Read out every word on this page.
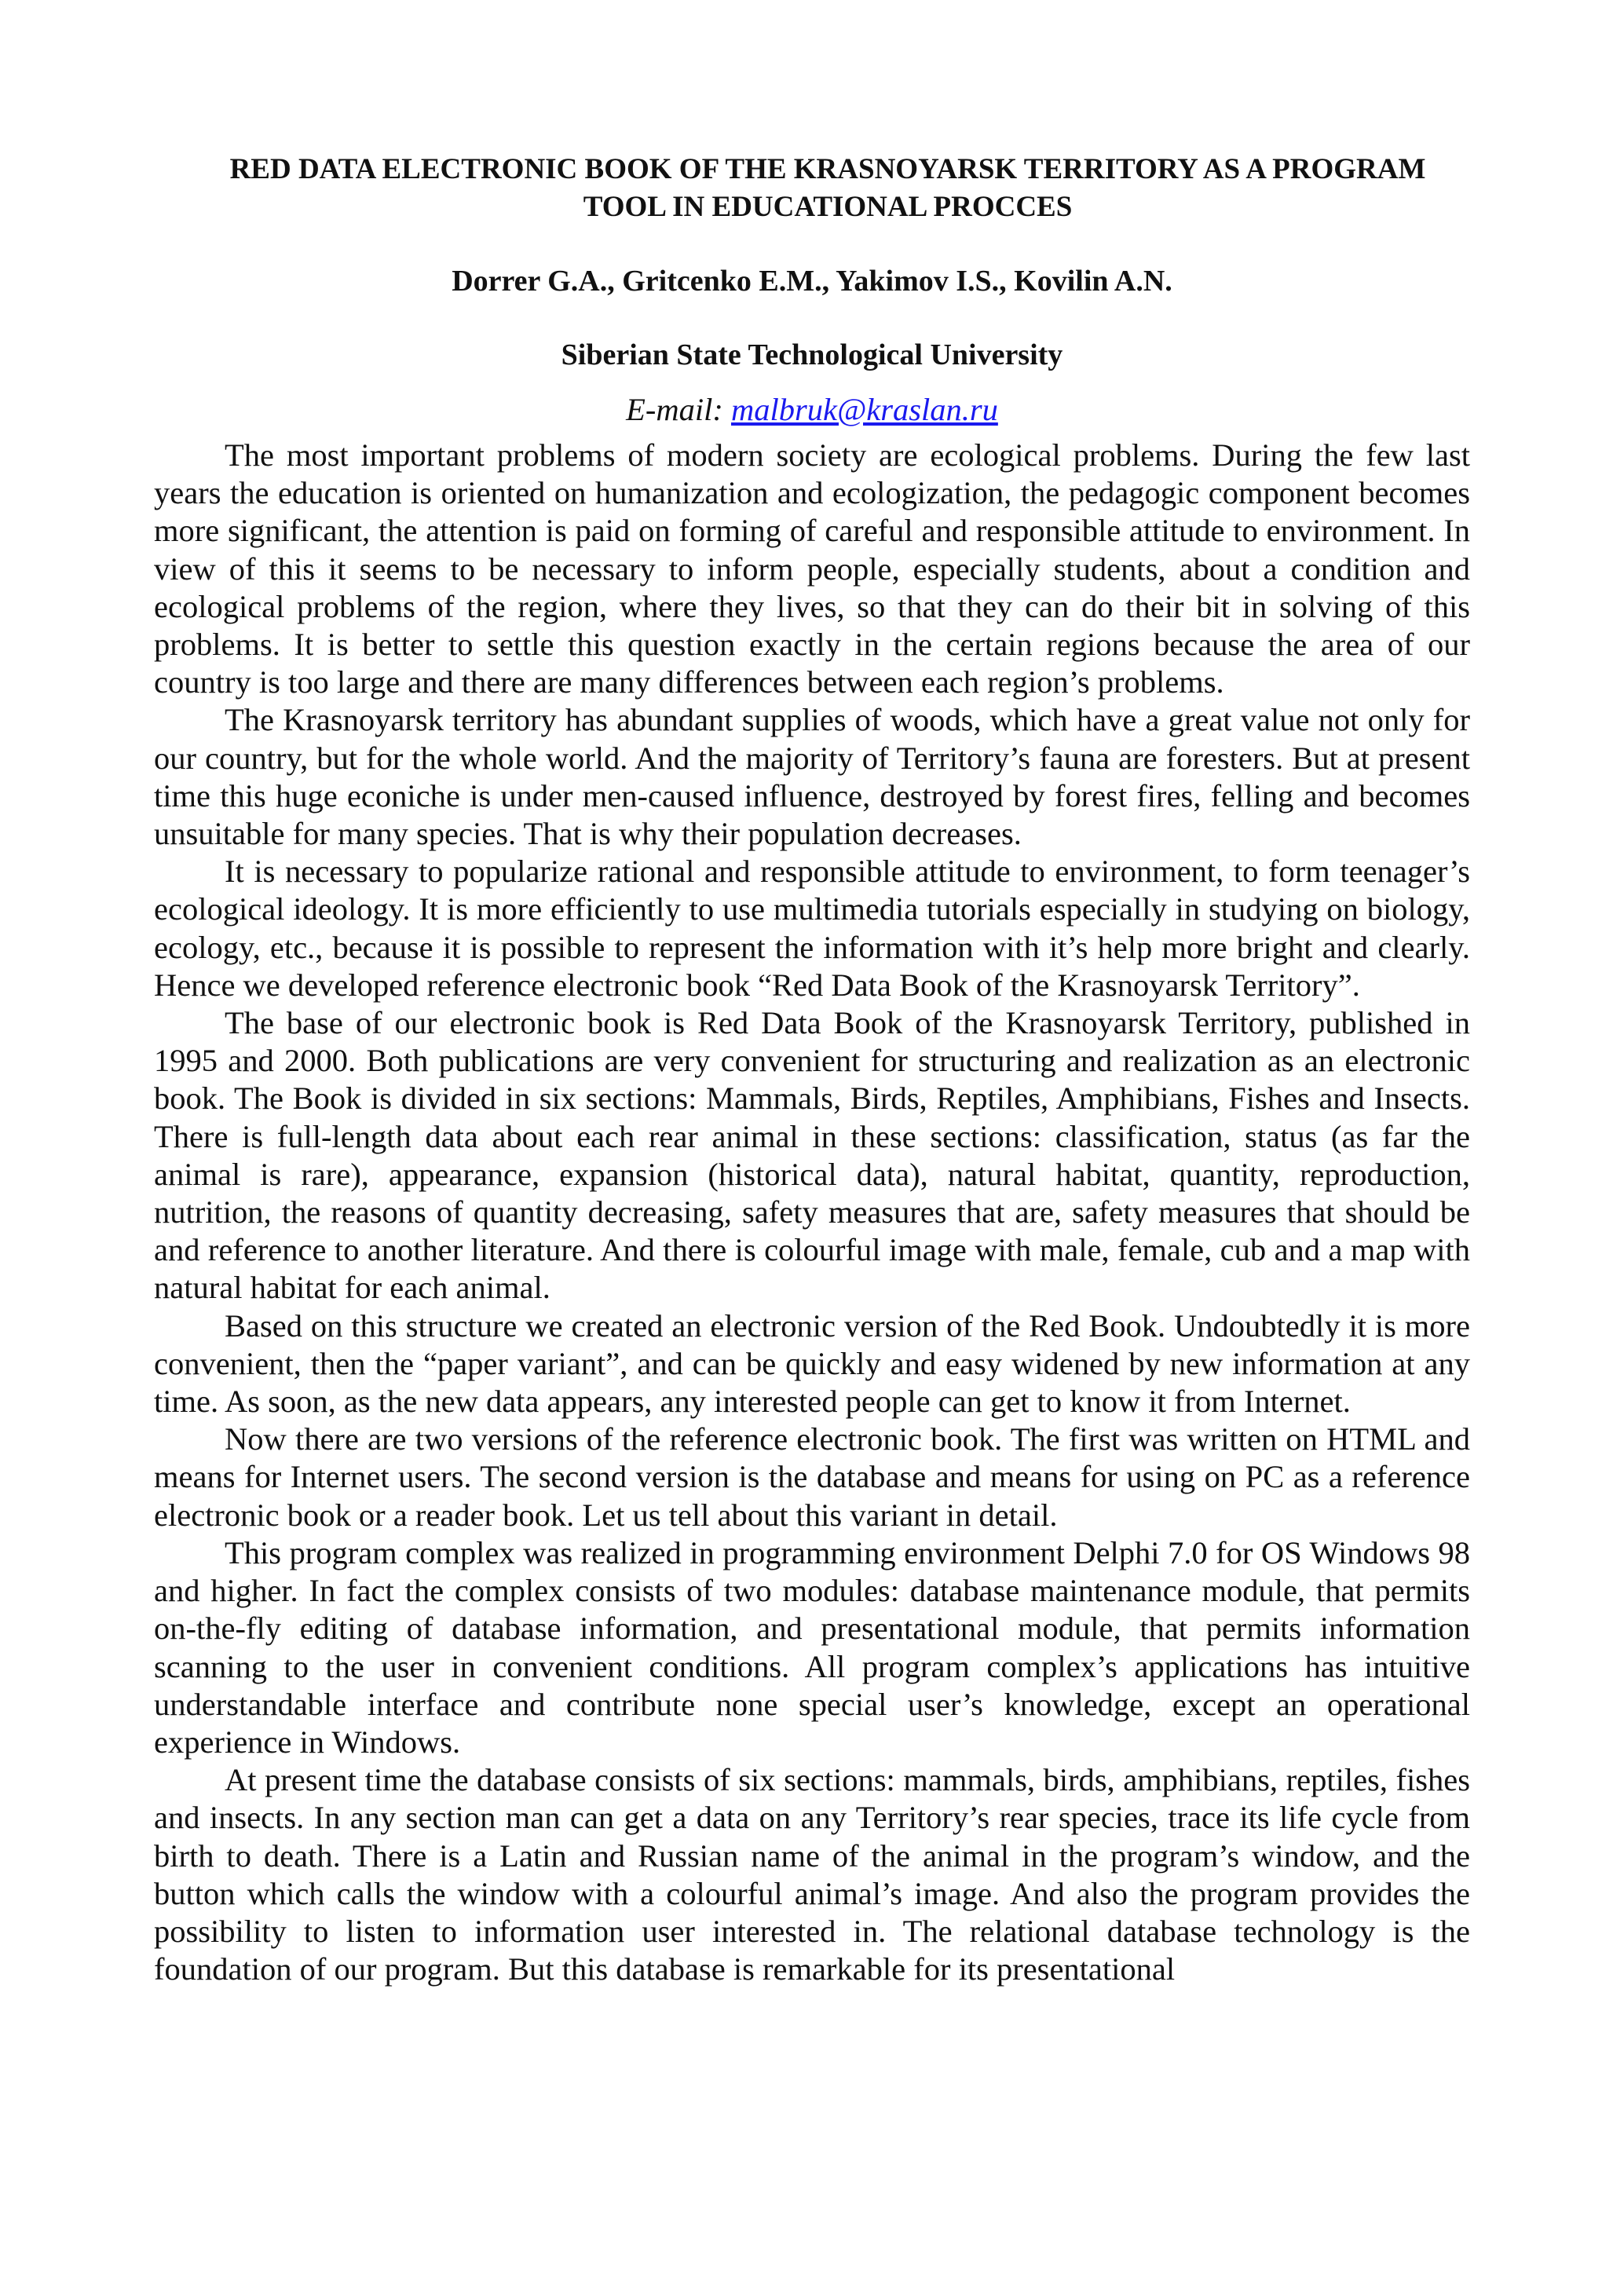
RED DATA ELECTRONIC BOOK OF THE KRASNOYARSK TERRITORY AS A PROGRAM TOOL IN EDUCATIONAL PROCCES

Dorrer G.A., Gritcenko E.M., Yakimov I.S., Kovilin A.N.

Siberian State Technological University

E-mail: malbruk@kraslan.ru

The most important problems of modern society are ecological problems. During the few last years the education is oriented on humanization and ecologization, the pedagogic component becomes more significant, the attention is paid on forming of careful and responsible attitude to environment. In view of this it seems to be necessary to inform people, especially students, about a condition and ecological problems of the region, where they lives, so that they can do their bit in solving of this problems. It is better to settle this question exactly in the certain regions because the area of our country is too large and there are many differences between each region’s problems.

The Krasnoyarsk territory has abundant supplies of woods, which have a great value not only for our country, but for the whole world. And the majority of Territory’s fauna are foresters. But at present time this huge econiche is under men-caused influence, destroyed by forest fires, felling and becomes unsuitable for many species. That is why their population decreases.

It is necessary to popularize rational and responsible attitude to environment, to form teenager’s ecological ideology. It is more efficiently to use multimedia tutorials especially in studying on biology, ecology, etc., because it is possible to represent the information with it’s help more bright and clearly. Hence we developed reference electronic book “Red Data Book of the Krasnoyarsk Territory”.

The base of our electronic book is Red Data Book of the Krasnoyarsk Territory, published in 1995 and 2000. Both publications are very convenient for structuring and realization as an electronic book. The Book is divided in six sections: Mammals, Birds, Reptiles, Amphibians, Fishes and Insects. There is full-length data about each rear animal in these sections: classification, status (as far the animal is rare), appearance, expansion (historical data), natural habitat, quantity, reproduction, nutrition, the reasons of quantity decreasing, safety measures that are, safety measures that should be and reference to another literature. And there is colourful image with male, female, cub and a map with natural habitat for each animal.

Based on this structure we created an electronic version of the Red Book. Undoubtedly it is more convenient, then the “paper variant”, and can be quickly and easy widened by new information at any time. As soon, as the new data appears, any interested people can get to know it from Internet.

Now there are two versions of the reference electronic book. The first was written on HTML and means for Internet users. The second version is the database and means for using on PC as a reference electronic book or a reader book. Let us tell about this variant in detail.

This program complex was realized in programming environment Delphi 7.0 for OS Windows 98 and higher. In fact the complex consists of two modules: database maintenance module, that permits on-the-fly editing of database information, and presentational module, that permits information scanning to the user in convenient conditions. All program complex’s applications has intuitive understandable interface and contribute none special user’s knowledge, except an operational experience in Windows.

At present time the database consists of six sections: mammals, birds, amphibians, reptiles, fishes and insects. In any section man can get a data on any Territory’s rear species, trace its life cycle from birth to death. There is a Latin and Russian name of the animal in the program’s window, and the button which calls the window with a colourful animal’s image. And also the program provides the possibility to listen to information user interested in. The relational database technology is the foundation of our program. But this database is remarkable for its presentational
